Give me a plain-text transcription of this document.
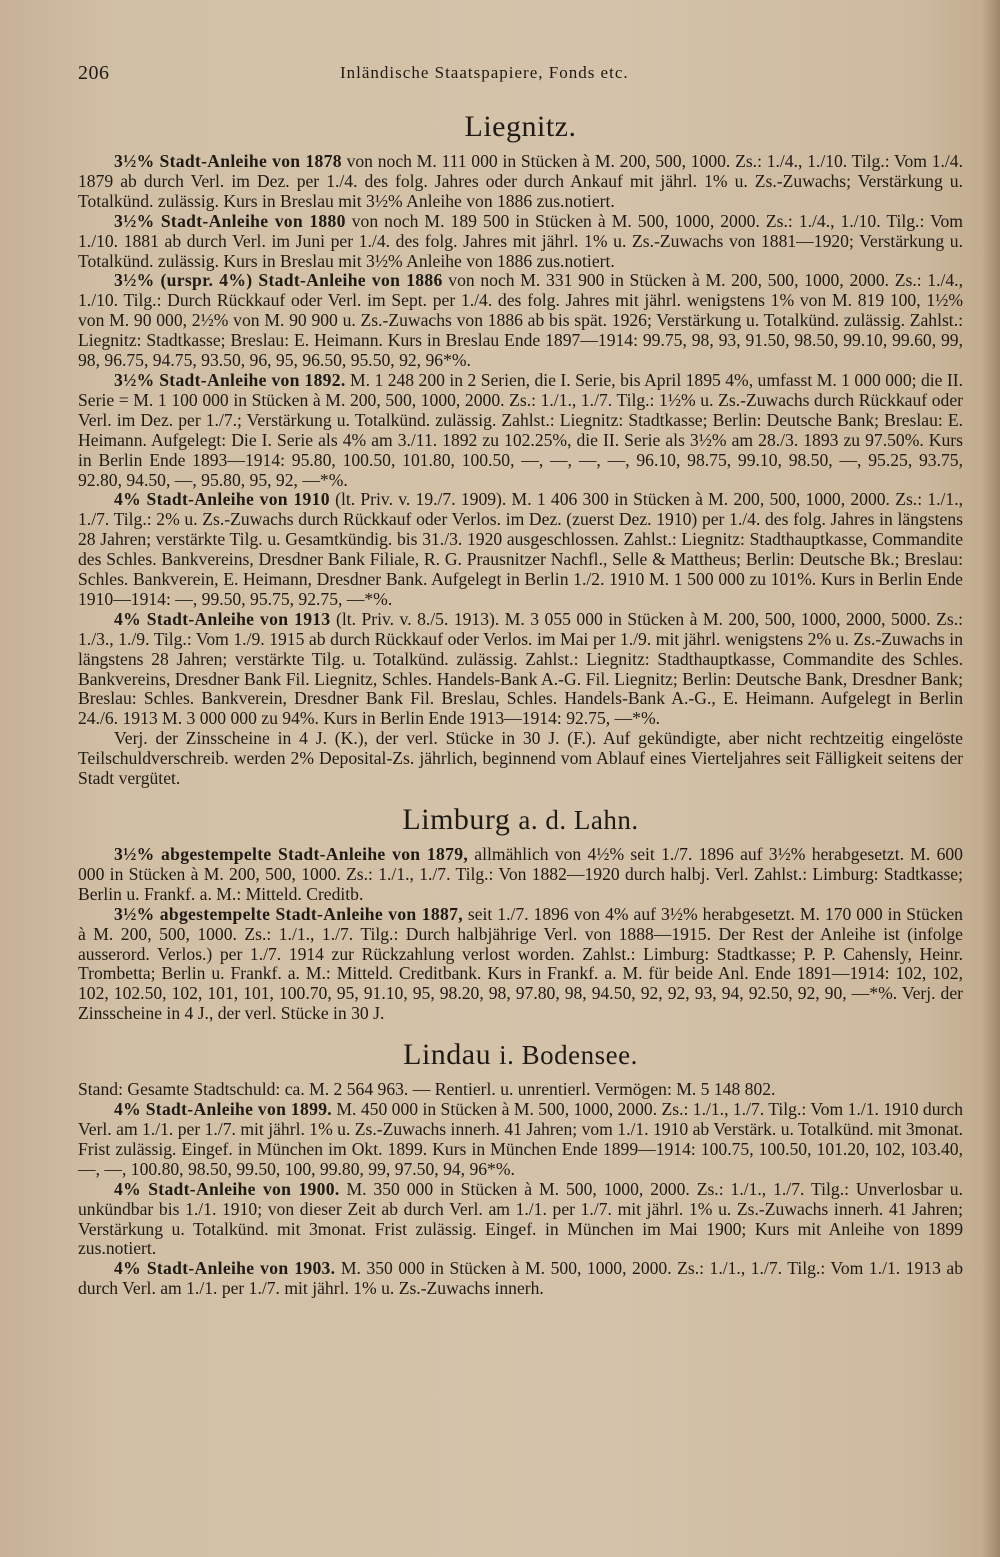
206	Inländische Staatspapiere, Fonds etc.
Liegnitz.

3½% Stadt-Anleihe von 1878 von noch M. 111 000 in Stücken à M. 200, 500, 1000. Zs.: 1./4., 1./10. Tilg.: Vom 1./4. 1879 ab durch Verl. im Dez. per 1./4. des folg. Jahres oder durch Ankauf mit jährl. 1% u. Zs.-Zuwachs; Verstärkung u. Totalkünd. zulässig. Kurs in Breslau mit 3½% Anleihe von 1886 zus.notiert.

3½% Stadt-Anleihe von 1880 von noch M. 189 500 in Stücken à M. 500, 1000, 2000. Zs.: 1./4., 1./10. Tilg.: Vom 1./10. 1881 ab durch Verl. im Juni per 1./4. des folg. Jahres mit jährl. 1% u. Zs.-Zuwachs von 1881—1920; Verstärkung u. Totalkünd. zulässig. Kurs in Breslau mit 3½% Anleihe von 1886 zus.notiert.

3½% (urspr. 4%) Stadt-Anleihe von 1886 von noch M. 331 900 in Stücken à M. 200, 500, 1000, 2000. Zs.: 1./4., 1./10. Tilg.: Durch Rückkauf oder Verl. im Sept. per 1./4. des folg. Jahres mit jährl. wenigstens 1% von M. 819 100, 1½% von M. 90 000, 2½% von M. 90 900 u. Zs.-Zuwachs von 1886 ab bis spät. 1926; Verstärkung u. Totalkünd. zulässig. Zahlst.: Liegnitz: Stadtkasse; Breslau: E. Heimann. Kurs in Breslau Ende 1897—1914: 99.75, 98, 93, 91.50, 98.50, 99.10, 99.60, 99, 98, 96.75, 94.75, 93.50, 96, 95, 96.50, 95.50, 92, 96*%.

3½% Stadt-Anleihe von 1892. M. 1 248 200 in 2 Serien, die I. Serie, bis April 1895 4%, umfasst M. 1 000 000; die II. Serie = M. 1 100 000 in Stücken à M. 200, 500, 1000, 2000. Zs.: 1./1., 1./7. Tilg.: 1½% u. Zs.-Zuwachs durch Rückkauf oder Verl. im Dez. per 1./7.; Verstärkung u. Totalkünd. zulässig. Zahlst.: Liegnitz: Stadtkasse; Berlin: Deutsche Bank; Breslau: E. Heimann. Aufgelegt: Die I. Serie als 4% am 3./11. 1892 zu 102.25%, die II. Serie als 3½% am 28./3. 1893 zu 97.50%. Kurs in Berlin Ende 1893—1914: 95.80, 100.50, 101.80, 100.50, —, —, —, —, 96.10, 98.75, 99.10, 98.50, —, 95.25, 93.75, 92.80, 94.50, —, 95.80, 95, 92, —*%.

4% Stadt-Anleihe von 1910 (lt. Priv. v. 19./7. 1909). M. 1 406 300 in Stücken à M. 200, 500, 1000, 2000. Zs.: 1./1., 1./7. Tilg.: 2% u. Zs.-Zuwachs durch Rückkauf oder Verlos. im Dez. (zuerst Dez. 1910) per 1./4. des folg. Jahres in längstens 28 Jahren; verstärkte Tilg. u. Gesamtkündig. bis 31./3. 1920 ausgeschlossen. Zahlst.: Liegnitz: Stadthauptkasse, Commandite des Schles. Bankvereins, Dresdner Bank Filiale, R. G. Prausnitzer Nachfl., Selle & Mattheus; Berlin: Deutsche Bk.; Breslau: Schles. Bankverein, E. Heimann, Dresdner Bank. Aufgelegt in Berlin 1./2. 1910 M. 1 500 000 zu 101%. Kurs in Berlin Ende 1910—1914: —, 99.50, 95.75, 92.75, —*%.

4% Stadt-Anleihe von 1913 (lt. Priv. v. 8./5. 1913). M. 3 055 000 in Stücken à M. 200, 500, 1000, 2000, 5000. Zs.: 1./3., 1./9. Tilg.: Vom 1./9. 1915 ab durch Rückkauf oder Verlos. im Mai per 1./9. mit jährl. wenigstens 2% u. Zs.-Zuwachs in längstens 28 Jahren; verstärkte Tilg. u. Totalkünd. zulässig. Zahlst.: Liegnitz: Stadthauptkasse, Commandite des Schles. Bankvereins, Dresdner Bank Fil. Liegnitz, Schles. Handels-Bank A.-G. Fil. Liegnitz; Berlin: Deutsche Bank, Dresdner Bank; Breslau: Schles. Bankverein, Dresdner Bank Fil. Breslau, Schles. Handels-Bank A.-G., E. Heimann. Aufgelegt in Berlin 24./6. 1913 M. 3 000 000 zu 94%. Kurs in Berlin Ende 1913—1914: 92.75, —*%.

Verj. der Zinsscheine in 4 J. (K.), der verl. Stücke in 30 J. (F.). Auf gekündigte, aber nicht rechtzeitig eingelöste Teilschuldverschreib. werden 2% Deposital-Zs. jährlich, beginnend vom Ablauf eines Vierteljahres seit Fälligkeit seitens der Stadt vergütet.

Limburg a. d. Lahn.

3½% abgestempelte Stadt-Anleihe von 1879, allmählich von 4½% seit 1./7. 1896 auf 3½% herabgesetzt. M. 600 000 in Stücken à M. 200, 500, 1000. Zs.: 1./1., 1./7. Tilg.: Von 1882—1920 durch halbj. Verl. Zahlst.: Limburg: Stadtkasse; Berlin u. Frankf. a. M.: Mitteld. Creditb.

3½% abgestempelte Stadt-Anleihe von 1887, seit 1./7. 1896 von 4% auf 3½% herabgesetzt. M. 170 000 in Stücken à M. 200, 500, 1000. Zs.: 1./1., 1./7. Tilg.: Durch halbjährige Verl. von 1888—1915. Der Rest der Anleihe ist (infolge ausserord. Verlos.) per 1./7. 1914 zur Rückzahlung verlost worden. Zahlst.: Limburg: Stadtkasse; P. P. Cahensly, Heinr. Trombetta; Berlin u. Frankf. a. M.: Mitteld. Creditbank. Kurs in Frankf. a. M. für beide Anl. Ende 1891—1914: 102, 102, 102, 102.50, 102, 101, 101, 100.70, 95, 91.10, 95, 98.20, 98, 97.80, 98, 94.50, 92, 92, 93, 94, 92.50, 92, 90, —*%. Verj. der Zinsscheine in 4 J., der verl. Stücke in 30 J.

Lindau i. Bodensee.

Stand: Gesamte Stadtschuld: ca. M. 2 564 963. — Rentierl. u. unrentierl. Vermögen: M. 5 148 802.

4% Stadt-Anleihe von 1899. M. 450 000 in Stücken à M. 500, 1000, 2000. Zs.: 1./1., 1./7. Tilg.: Vom 1./1. 1910 durch Verl. am 1./1. per 1./7. mit jährl. 1% u. Zs.-Zuwachs innerh. 41 Jahren; vom 1./1. 1910 ab Verstärk. u. Totalkünd. mit 3monat. Frist zulässig. Eingef. in München im Okt. 1899. Kurs in München Ende 1899—1914: 100.75, 100.50, 101.20, 102, 103.40, —, —, 100.80, 98.50, 99.50, 100, 99.80, 99, 97.50, 94, 96*%.

4% Stadt-Anleihe von 1900. M. 350 000 in Stücken à M. 500, 1000, 2000. Zs.: 1./1., 1./7. Tilg.: Unverlosbar u. unkündbar bis 1./1. 1910; von dieser Zeit ab durch Verl. am 1./1. per 1./7. mit jährl. 1% u. Zs.-Zuwachs innerh. 41 Jahren; Verstärkung u. Totalkünd. mit 3monat. Frist zulässig. Eingef. in München im Mai 1900; Kurs mit Anleihe von 1899 zus.notiert.

4% Stadt-Anleihe von 1903. M. 350 000 in Stücken à M. 500, 1000, 2000. Zs.: 1./1., 1./7. Tilg.: Vom 1./1. 1913 ab durch Verl. am 1./1. per 1./7. mit jährl. 1% u. Zs.-Zuwachs innerh.
